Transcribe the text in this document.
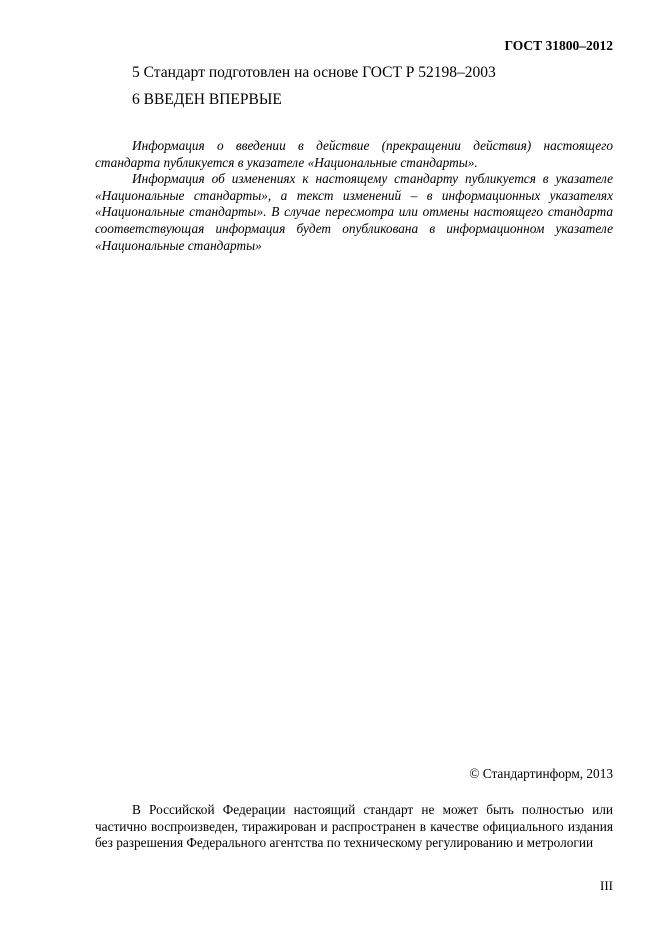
ГОСТ 31800–2012
5 Стандарт подготовлен на основе ГОСТ Р 52198–2003
6 ВВЕДЕН ВПЕРВЫЕ

Информация о введении в действие (прекращении действия) настоящего стандарта публикуется в указателе «Национальные стандарты».

Информация об изменениях к настоящему стандарту публикуется в указателе «Национальные стандарты», а текст изменений – в информационных указателях «Национальные стандарты». В случае пересмотра или отмены настоящего стандарта соответствующая информация будет опубликована в информационном указателе «Национальные стандарты»

© Стандартинформ, 2013

В Российской Федерации настоящий стандарт не может быть полностью или частично воспроизведен, тиражирован и распространен в качестве официального издания без разрешения Федерального агентства по техническому регулированию и метрологии

III
